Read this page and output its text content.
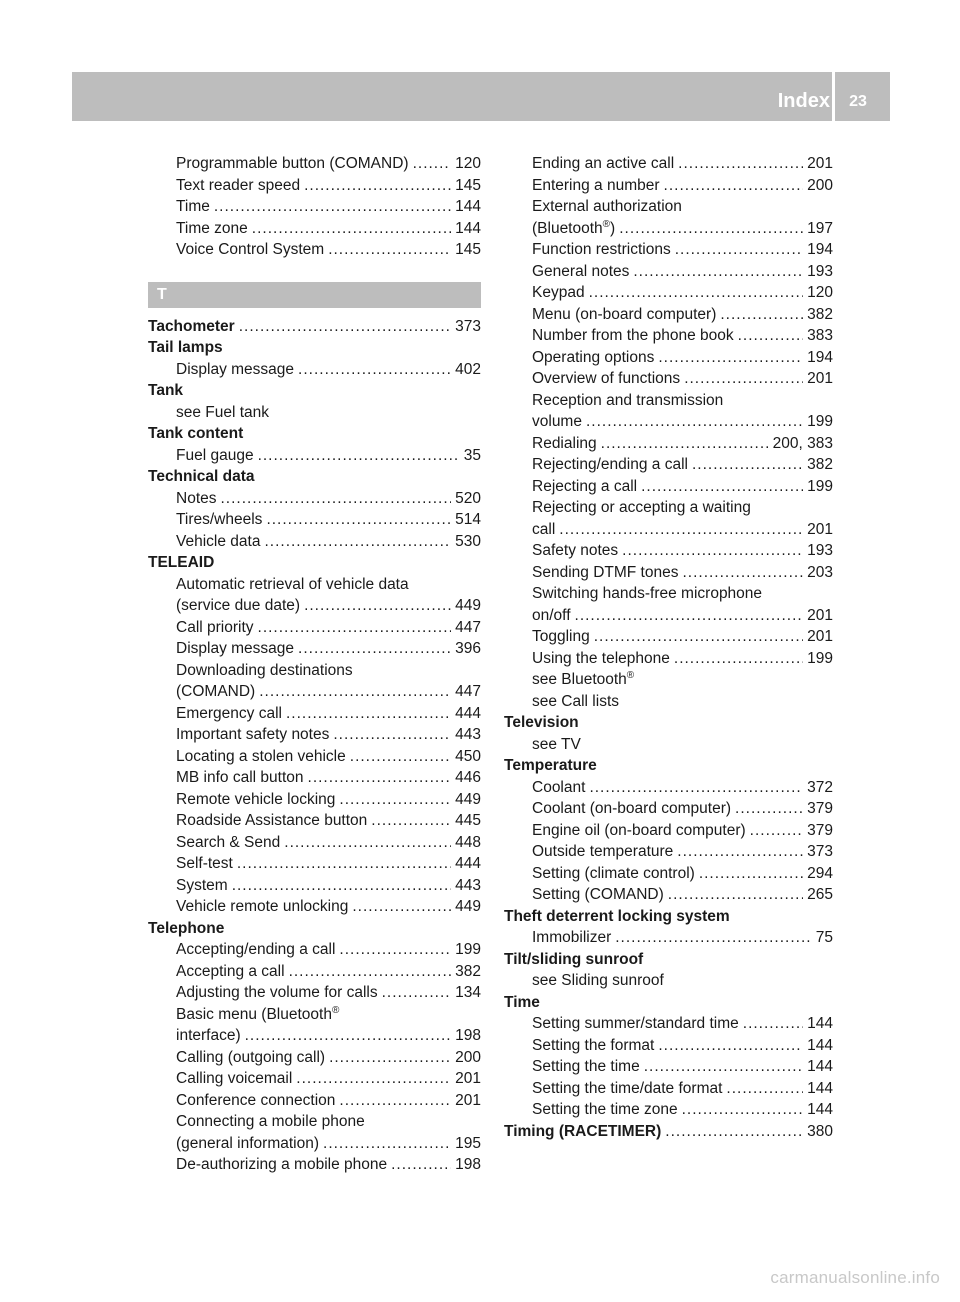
Index	23
Programmable button (COMAND) .....	120
Text reader speed .....	145
Time .....	144
Time zone .....	144
Voice Control System .....	145
T
Tachometer .....	373
Tail lamps
Display message .....	402
Tank
see Fuel tank
Tank content
Fuel gauge .....	35
Technical data
Notes .....	520
Tires/wheels .....	514
Vehicle data .....	530
TELEAID
Automatic retrieval of vehicle data
(service due date) .....	449
Call priority .....	447
Display message .....	396
Downloading destinations
(COMAND) .....	447
Emergency call .....	444
Important safety notes .....	443
Locating a stolen vehicle .....	450
MB info call button .....	446
Remote vehicle locking .....	449
Roadside Assistance button .....	445
Search & Send .....	448
Self-test .....	444
System .....	443
Vehicle remote unlocking .....	449
Telephone
Accepting/ending a call .....	199
Accepting a call .....	382
Adjusting the volume for calls .....	134
Basic menu (Bluetooth®
interface) .....	198
Calling (outgoing call) .....	200
Calling voicemail .....	201
Conference connection .....	201
Connecting a mobile phone
(general information) .....	195
De-authorizing a mobile phone .....	198
Ending an active call .....	201
Entering a number .....	200
External authorization
(Bluetooth®) .....	197
Function restrictions .....	194
General notes .....	193
Keypad .....	120
Menu (on-board computer) .....	382
Number from the phone book .....	383
Operating options .....	194
Overview of functions .....	201
Reception and transmission
volume .....	199
Redialing .....	200, 383
Rejecting/ending a call .....	382
Rejecting a call .....	199
Rejecting or accepting a waiting
call .....	201
Safety notes .....	193
Sending DTMF tones .....	203
Switching hands-free microphone
on/off .....	201
Toggling .....	201
Using the telephone .....	199
see Bluetooth®
see Call lists
Television
see TV
Temperature
Coolant .....	372
Coolant (on-board computer) .....	379
Engine oil (on-board computer) .....	379
Outside temperature .....	373
Setting (climate control) .....	294
Setting (COMAND) .....	265
Theft deterrent locking system
Immobilizer .....	75
Tilt/sliding sunroof
see Sliding sunroof
Time
Setting summer/standard time .....	144
Setting the format .....	144
Setting the time .....	144
Setting the time/date format .....	144
Setting the time zone .....	144
Timing (RACETIMER) .....	380
carmanualsonline.info
